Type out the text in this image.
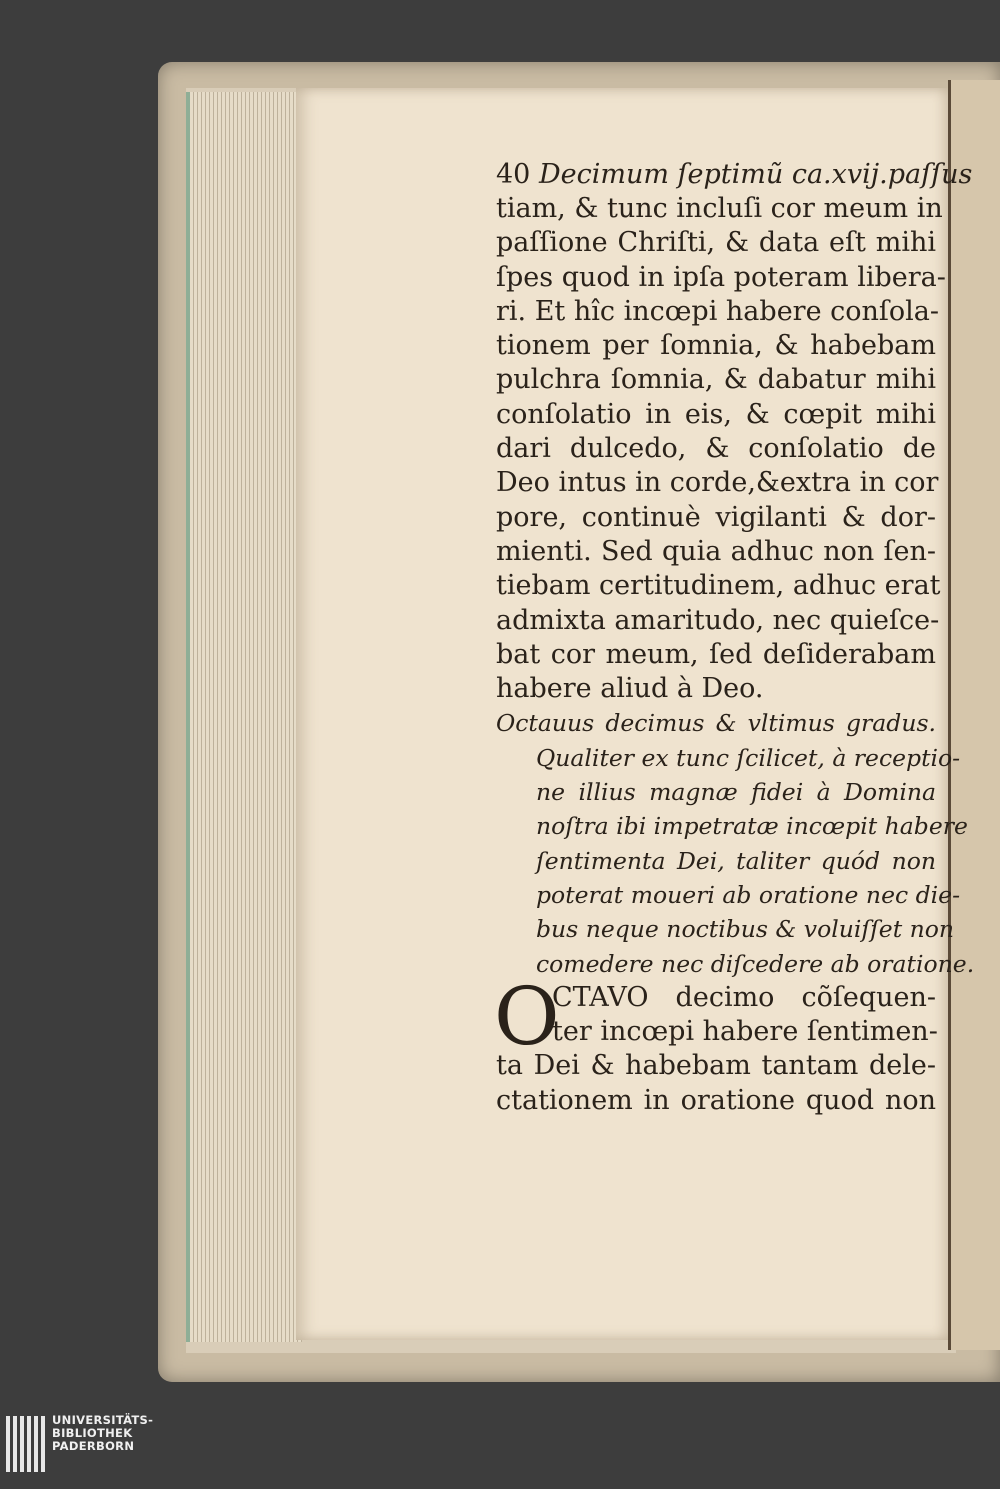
40 Decimum ſeptimũ ca.xvij.paſſus
tiam, & tunc incluſi cor meum in
paſſione Chriſti, & data eſt mihi
ſpes quod in ipſa poteram libera-
ri. Et hîc incœpi habere conſola-
tionem per ſomnia, & habebam
pulchra ſomnia, & dabatur mihi
conſolatio in eis, & cœpit mihi
dari dulcedo, & conſolatio de
Deo intus in corde,&extra in cor
pore, continuè vigilanti & dor-
mienti. Sed quia adhuc non ſen-
tiebam certitudinem, adhuc erat
admixta amaritudo, nec quieſce-
bat cor meum, ſed deſiderabam
habere aliud à Deo.
Octauus decimus & vltimus gradus.
Qualiter ex tunc ſcilicet, à receptio-
ne illius magnæ fidei à Domina
noſtra ibi impetratæ incœpit habere
ſentimenta Dei, taliter quód non
poterat moueri ab oratione nec die-
bus neque noctibus & voluiſſet non
comedere nec diſcedere ab oratione.
O
CTAVO decimo cõſequen-
ter incœpi habere ſentimen-
ta Dei & habebam tantam dele-
ctationem in oratione quod non
UNIVERSITÄTS-
BIBLIOTHEK
PADERBORN
